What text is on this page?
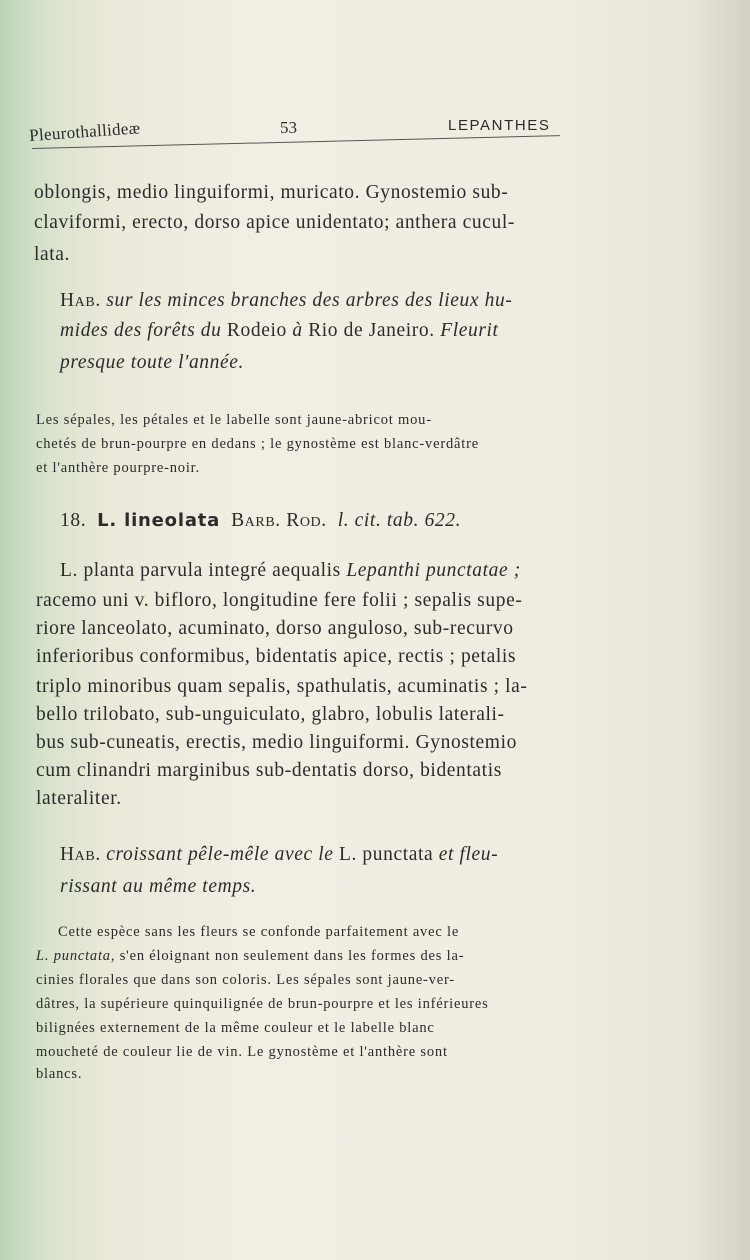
Pleurothallideæ	53	LEPANTHES

oblongis, medio linguiformi, muricato. Gynostemio sub-

claviformi, erecto, dorso apice unidentato; anthera cucul-

lata.

Hab. sur les minces branches des arbres des lieux hu-

mides des forêts du Rodeio à Rio de Janeiro. Fleurit

presque toute l'année.

Les sépales, les pétales et le labelle sont jaune-abricot mou-

chetés de brun-pourpre en dedans ; le gynostème est blanc-verdâtre

et l'anthère pourpre-noir.

18. L. lineolata Barb. Rod. l. cit. tab. 622.

L. planta parvula integré aequalis Lepanthi punctatae ;

racemo uni v. bifloro, longitudine fere folii ; sepalis supe-

riore lanceolato, acuminato, dorso anguloso, sub-recurvo

inferioribus conformibus, bidentatis apice, rectis ; petalis

triplo minoribus quam sepalis, spathulatis, acuminatis ; la-

bello trilobato, sub-unguiculato, glabro, lobulis laterali-

bus sub-cuneatis, erectis, medio linguiformi. Gynostemio

cum clinandri marginibus sub-dentatis dorso, bidentatis

lateraliter.

Hab. croissant pêle-mêle avec le L. punctata et fleu-

rissant au même temps.

Cette espèce sans les fleurs se confonde parfaitement avec le

L. punctata, s'en éloignant non seulement dans les formes des la-

cinies florales que dans son coloris. Les sépales sont jaune-ver-

dâtres, la supérieure quinquilignée de brun-pourpre et les inférieures

bilignées externement de la même couleur et le labelle blanc

moucheté de couleur lie de vin. Le gynostème et l'anthère sont

blancs.
